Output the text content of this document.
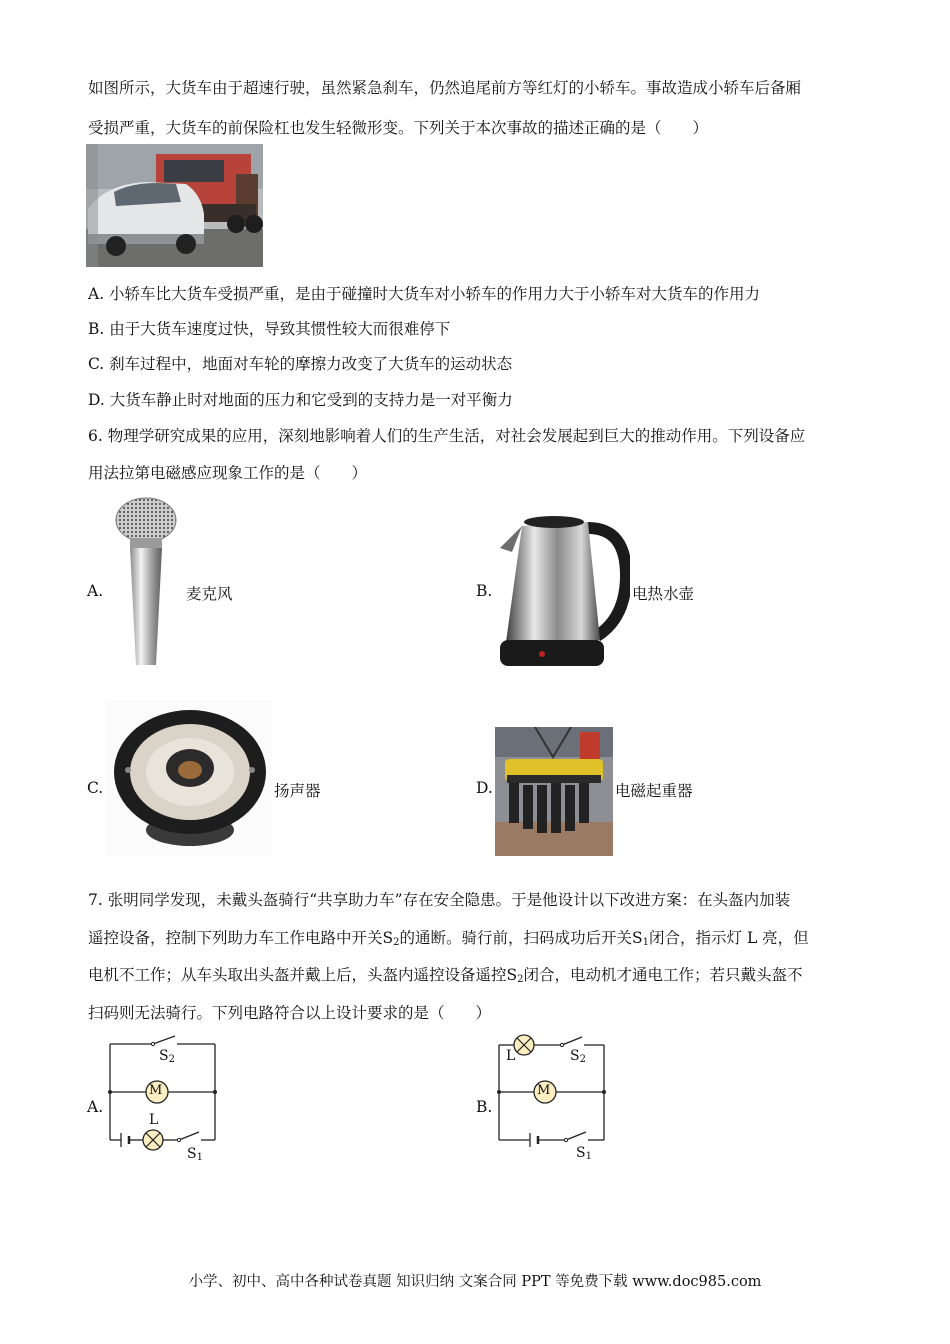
如图所示，大货车由于超速行驶，虽然紧急刹车，仍然追尾前方等红灯的小轿车。事故造成小轿车后备厢
受损严重，大货车的前保险杠也发生轻微形变。下列关于本次事故的描述正确的是（　　）
A. 小轿车比大货车受损严重，是由于碰撞时大货车对小轿车的作用力大于小轿车对大货车的作用力
B. 由于大货车速度过快，导致其惯性较大而很难停下
C. 刹车过程中，地面对车轮的摩擦力改变了大货车的运动状态
D. 大货车静止时对地面的压力和它受到的支持力是一对平衡力
6. 物理学研究成果的应用，深刻地影响着人们的生产生活，对社会发展起到巨大的推动作用。下列设备应
用法拉第电磁感应现象工作的是（　　）
A.	麦克风	B.	电热水壶
C.	扬声器	D.	电磁起重器
7. 张明同学发现，未戴头盔骑行“共享助力车”存在安全隐患。于是他设计以下改进方案：在头盔内加装
遥控设备，控制下列助力车工作电路中开关$S_2$的通断。骑行前，扫码成功后开关$S_1$闭合，指示灯 L 亮，但
电机不工作；从车头取出头盔并戴上后，头盔内遥控设备遥控$S_2$闭合，电动机才通电工作；若只戴头盔不
扫码则无法骑行。下列电路符合以上设计要求的是（　　）
A.
M
L
$S_2$
$S_1$
B.
L	$S_2$
M
$S_1$
小学、初中、高中各种试卷真题 知识归纳 文案合同 PPT 等免费下载 www.doc985.com
